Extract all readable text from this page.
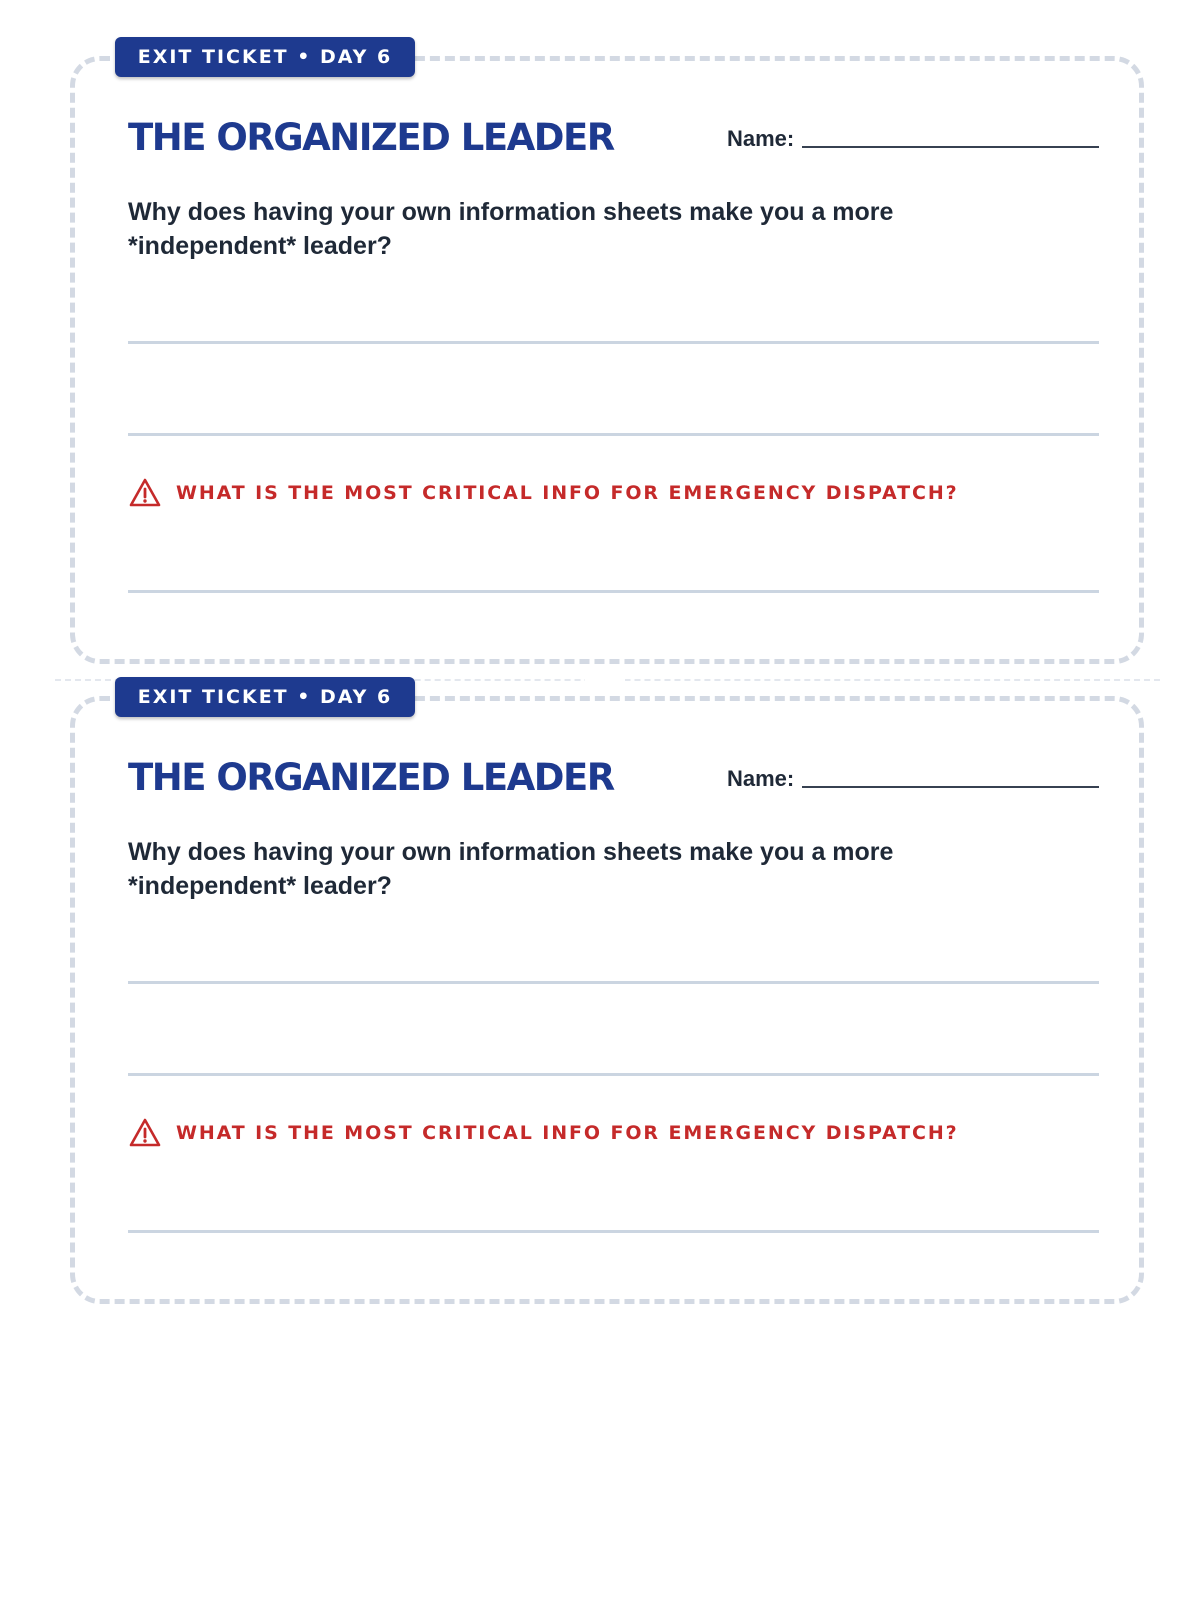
EXIT TICKET • DAY 6
THE ORGANIZED LEADER	Name:

Why does having your own information sheets make you a more *independent* leader?

WHAT IS THE MOST CRITICAL INFO FOR EMERGENCY DISPATCH?
EXIT TICKET • DAY 6
THE ORGANIZED LEADER	Name:

Why does having your own information sheets make you a more *independent* leader?

WHAT IS THE MOST CRITICAL INFO FOR EMERGENCY DISPATCH?
